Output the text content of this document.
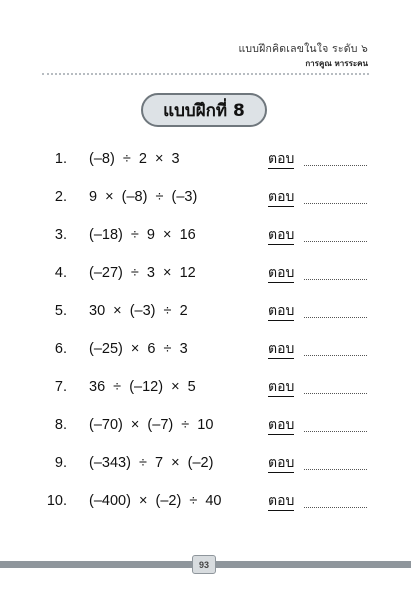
แบบฝึกคิดเลขในใจ ระดับ ๖
การคูณ หารระคน
แบบฝึกที่ 8
1. (–8)  ÷  2  ×  3	ตอบ
2. 9  ×  (–8)  ÷  (–3)	ตอบ
3. (–18)  ÷  9  ×  16	ตอบ
4. (–27)  ÷  3  ×  12	ตอบ
5. 30  ×  (–3)  ÷  2	ตอบ
6. (–25)  ×  6  ÷  3	ตอบ
7. 36  ÷  (–12)  ×  5	ตอบ
8. (–70)  ×  (–7)  ÷  10	ตอบ
9. (–343)  ÷  7  ×  (–2)	ตอบ
10. (–400)  ×  (–2)  ÷  40	ตอบ
93
